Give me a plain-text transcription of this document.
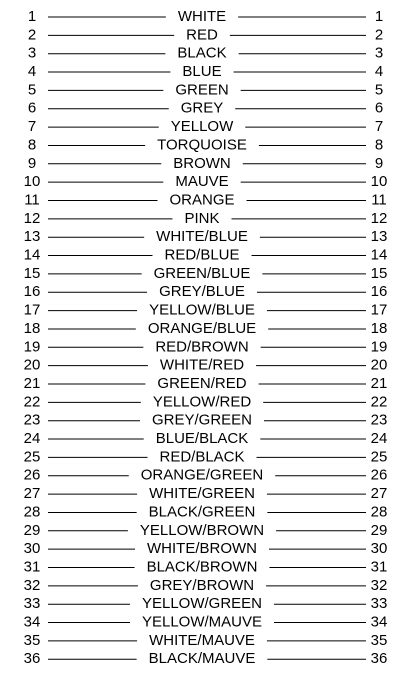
1	WHITE	1
2	RED	2
3	BLACK	3
4	BLUE	4
5	GREEN	5
6	GREY	6
7	YELLOW	7
8	TORQUOISE	8
9	BROWN	9
10	MAUVE	10
11	ORANGE	11
12	PINK	12
13	WHITE/BLUE	13
14	RED/BLUE	14
15	GREEN/BLUE	15
16	GREY/BLUE	16
17	YELLOW/BLUE	17
18	ORANGE/BLUE	18
19	RED/BROWN	19
20	WHITE/RED	20
21	GREEN/RED	21
22	YELLOW/RED	22
23	GREY/GREEN	23
24	BLUE/BLACK	24
25	RED/BLACK	25
26	ORANGE/GREEN	26
27	WHITE/GREEN	27
28	BLACK/GREEN	28
29	YELLOW/BROWN	29
30	WHITE/BROWN	30
31	BLACK/BROWN	31
32	GREY/BROWN	32
33	YELLOW/GREEN	33
34	YELLOW/MAUVE	34
35	WHITE/MAUVE	35
36	BLACK/MAUVE	36
